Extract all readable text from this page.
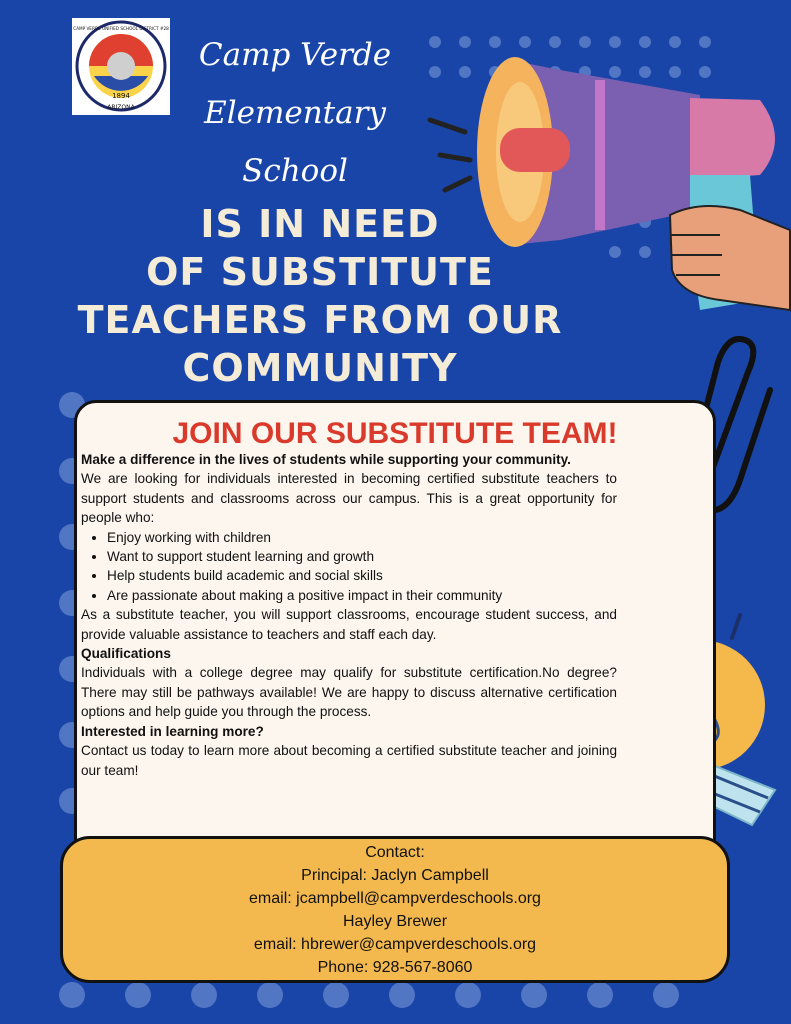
1894
ARIZONA
CAMP VERDE UNIFIED SCHOOL DISTRICT #28
Camp Verde
Elementary
School
IS IN NEED
OF SUBSTITUTE
TEACHERS FROM OUR
COMMUNITY
JOIN OUR SUBSTITUTE TEAM!

Make a difference in the lives of students while supporting your community.

We are looking for individuals interested in becoming certified substitute teachers to support students and classrooms across our campus. This is a great opportunity for people who:

• Enjoy working with children
• Want to support student learning and growth
• Help students build academic and social skills
• Are passionate about making a positive impact in their community

As a substitute teacher, you will support classrooms, encourage student success, and provide valuable assistance to teachers and staff each day.

Qualifications

Individuals with a college degree may qualify for substitute certification.No degree? There may still be pathways available! We are happy to discuss alternative certification options and help guide you through the process.

Interested in learning more?

Contact us today to learn more about becoming a certified substitute teacher and joining our team!

Contact:
Principal: Jaclyn Campbell
email: jcampbell@campverdeschools.org
Hayley Brewer
email: hbrewer@campverdeschools.org
Phone: 928-567-8060
